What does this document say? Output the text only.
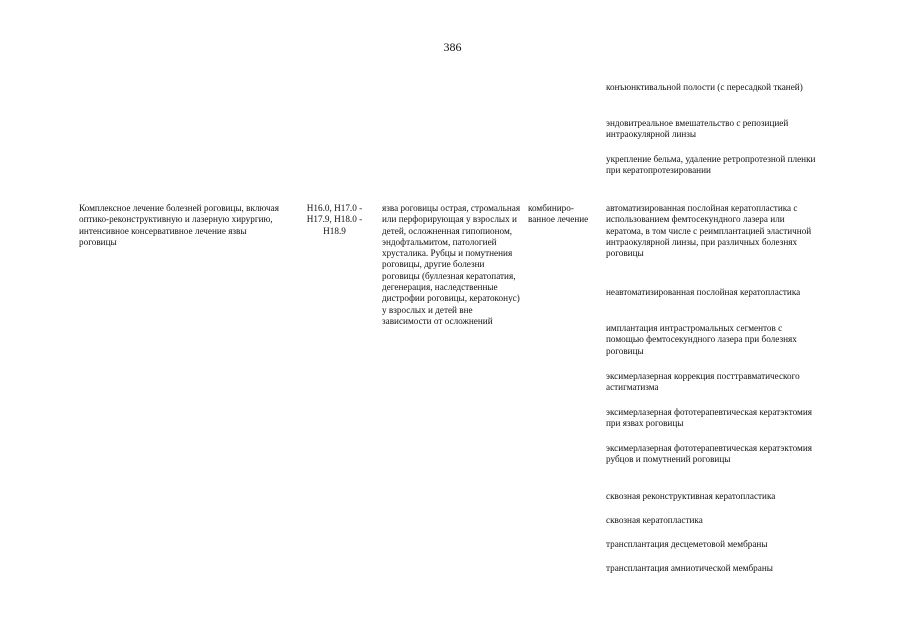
386
конъюнктивальной полости (с пересадкой тканей)
эндовитреальное вмешательство с репозицией интраокулярной линзы
укрепление бельма, удаление ретропротезной пленки при кератопротезировании
Комплексное лечение болезней роговицы, включая оптико-реконструктивную и лазерную хирургию, интенсивное консервативное лечение язвы роговицы
H16.0, H17.0 - H17.9, H18.0 - H18.9
язва роговицы острая, стромальная или перфорирующая у взрослых и детей, осложненная гипопионом, эндофтальмитом, патологией хрусталика. Рубцы и помутнения роговицы, другие болезни роговицы (буллезная кератопатия, дегенерация, наследственные дистрофии роговицы, кератоконус) у взрослых и детей вне зависимости от осложнений
комбиниро-ванное лечение
автоматизированная послойная кератопластика с использованием фемтосекундного лазера или кератома, в том числе с реимплантацией эластичной интраокулярной линзы, при различных болезнях роговицы
неавтоматизированная послойная кератопластика
имплантация интрастромальных сегментов с помощью фемтосекундного лазера при болезнях роговицы
эксимерлазерная коррекция посттравматического астигматизма
эксимерлазерная фототерапевтическая кератэктомия при язвах роговицы
эксимерлазерная фототерапевтическая кератэктомия рубцов и помутнений роговицы
сквозная реконструктивная кератопластика
сквозная кератопластика
трансплантация десцеметовой мембраны
трансплантация амниотической мембраны
